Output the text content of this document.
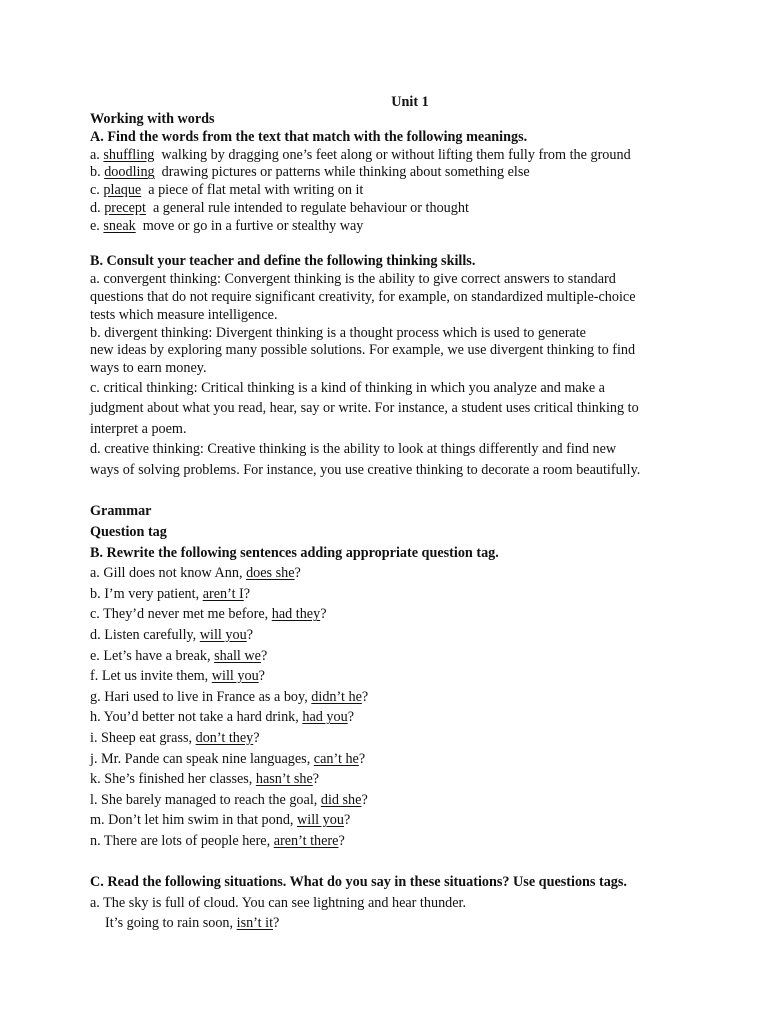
Unit 1
Working with words
A. Find the words from the text that match with the following meanings.
a. shuffling walking by dragging one’s feet along or without lifting them fully from the ground
b. doodling drawing pictures or patterns while thinking about something else
c. plaque a piece of flat metal with writing on it
d. precept a general rule intended to regulate behaviour or thought
e. sneak move or go in a furtive or stealthy way
B. Consult your teacher and define the following thinking skills.
a. convergent thinking: Convergent thinking is the ability to give correct answers to standard
questions that do not require significant creativity, for example, on standardized multiple-choice
tests which measure intelligence.
b. divergent thinking: Divergent thinking is a thought process which is used to generate
new ideas by exploring many possible solutions. For example, we use divergent thinking to find
ways to earn money.
c. critical thinking: Critical thinking is a kind of thinking in which you analyze and make a
judgment about what you read, hear, say or write. For instance, a student uses critical thinking to
interpret a poem.
d. creative thinking: Creative thinking is the ability to look at things differently and find new
ways of solving problems. For instance, you use creative thinking to decorate a room beautifully.
Grammar
Question tag
B. Rewrite the following sentences adding appropriate question tag.
a. Gill does not know Ann, does she?
b. I’m very patient, aren’t I?
c. They’d never met me before, had they?
d. Listen carefully, will you?
e. Let’s have a break, shall we?
f. Let us invite them, will you?
g. Hari used to live in France as a boy, didn’t he?
h. You’d better not take a hard drink, had you?
i. Sheep eat grass, don’t they?
j. Mr. Pande can speak nine languages, can’t he?
k. She’s finished her classes, hasn’t she?
l. She barely managed to reach the goal, did she?
m. Don’t let him swim in that pond, will you?
n. There are lots of people here, aren’t there?
C. Read the following situations. What do you say in these situations? Use questions tags.
a. The sky is full of cloud. You can see lightning and hear thunder.
It’s going to rain soon, isn’t it?
